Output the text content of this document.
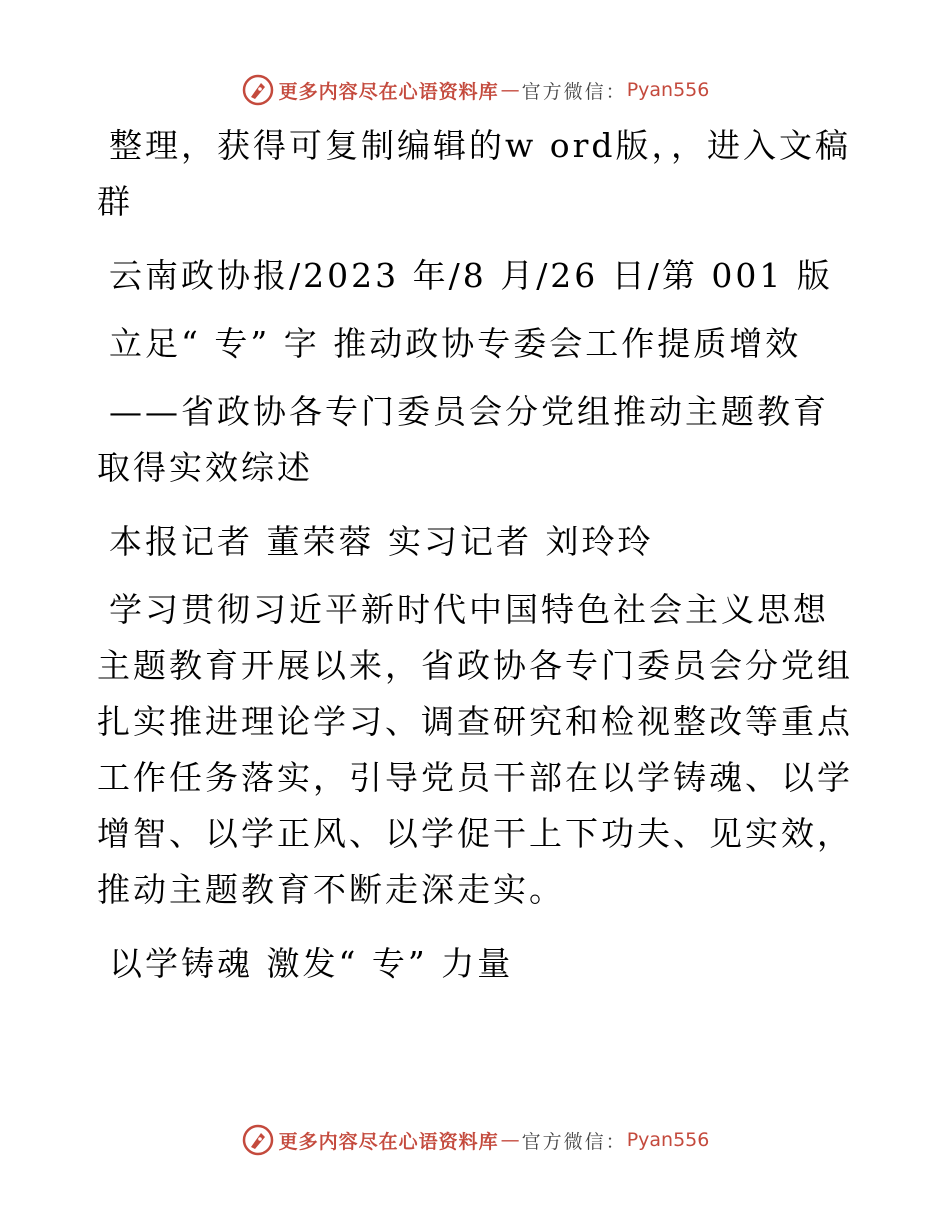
更多内容尽在心语资料库 — 官方微信： Pyan556

整理，获得可复制编辑的w ord版，，进入文稿群

云南政协报/2023 年/8 月/26 日/第 001 版

立足“ 专” 字 推动政协专委会工作提质增效

——省政协各专门委员会分党组推动主题教育取得实效综述

本报记者 董荣蓉 实习记者 刘玲玲

学习贯彻习近平新时代中国特色社会主义思想主题教育开展以来，省政协各专门委员会分党组扎实推进理论学习、调查研究和检视整改等重点工作任务落实，引导党员干部在以学铸魂、以学增智、以学正风、以学促干上下功夫、见实效，推动主题教育不断走深走实。

以学铸魂 激发“ 专” 力量

更多内容尽在心语资料库 — 官方微信： Pyan556
